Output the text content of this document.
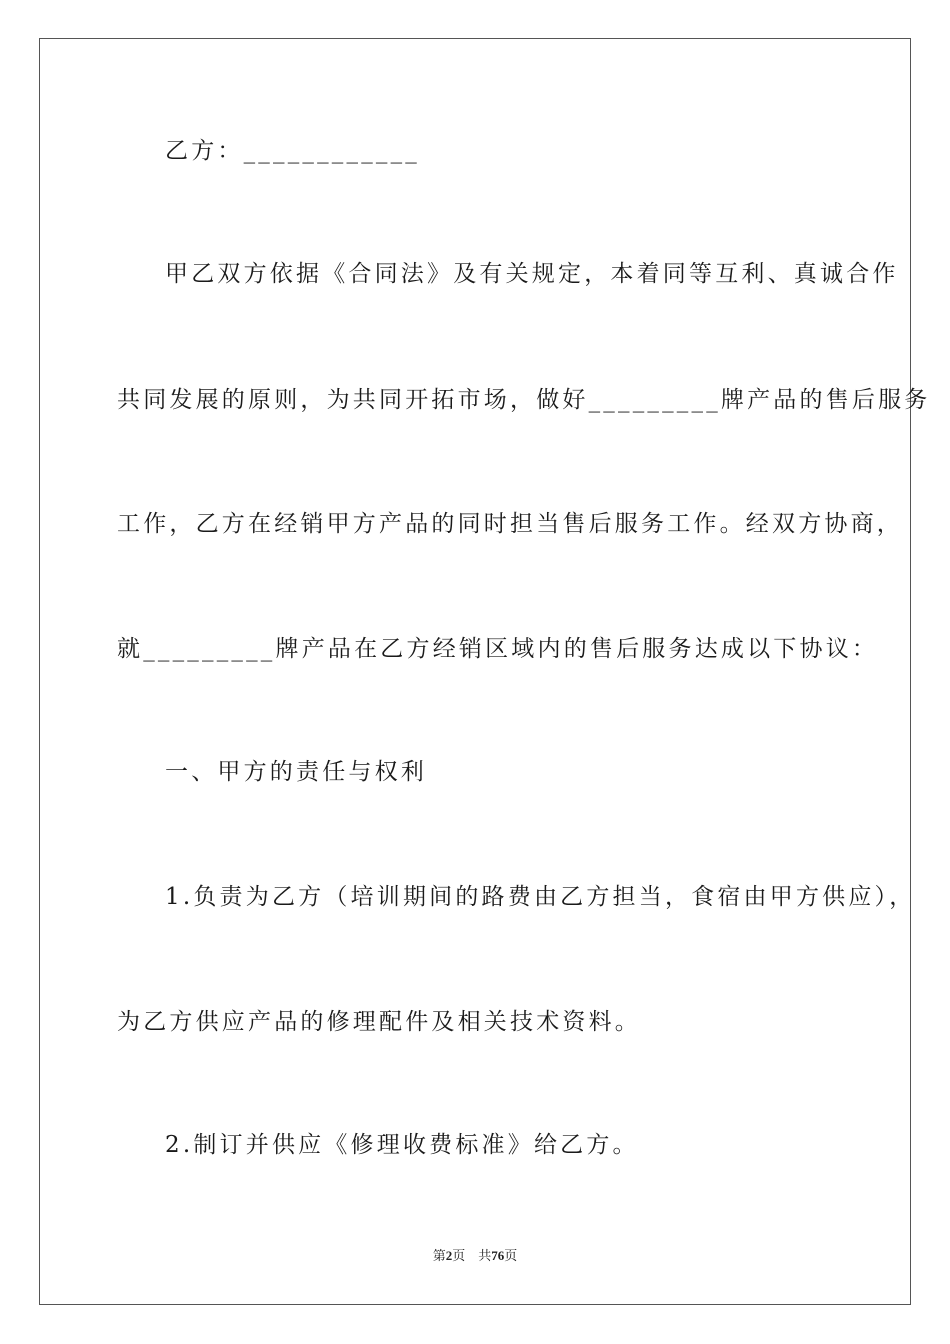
乙方：____________
甲乙双方依据《合同法》及有关规定，本着同等互利、真诚合作
共同发展的原则，为共同开拓市场，做好_________牌产品的售后服务
工作，乙方在经销甲方产品的同时担当售后服务工作。经双方协商，
就_________牌产品在乙方经销区域内的售后服务达成以下协议：
一、甲方的责任与权利
1.负责为乙方（培训期间的路费由乙方担当，食宿由甲方供应），
为乙方供应产品的修理配件及相关技术资料。
2.制订并供应《修理收费标准》给乙方。
第2页 共76页
